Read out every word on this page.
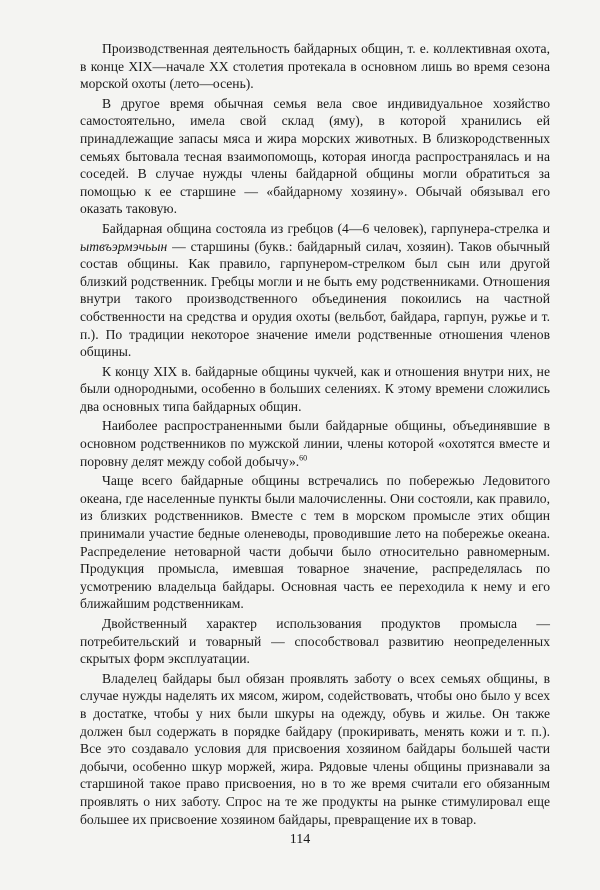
Производственная деятельность байдарных общин, т. е. коллективная охота, в конце XIX—начале XX столетия протекала в основном лишь во время сезона морской охоты (лето—осень).

В другое время обычная семья вела свое индивидуальное хозяйство самостоятельно, имела свой склад (яму), в которой хранились ей принадлежащие запасы мяса и жира морских животных. В близкородственных семьях бытовала тесная взаимопомощь, которая иногда распространялась и на соседей. В случае нужды члены байдарной общины могли обратиться за помощью к ее старшине — «байдарному хозяину». Обычай обязывал его оказать таковую.

Байдарная община состояла из гребцов (4—6 человек), гарпунера-стрелка и ытвъэрмэчьын — старшины (букв.: байдарный силач, хозяин). Таков обычный состав общины. Как правило, гарпунером-стрелком был сын или другой близкий родственник. Гребцы могли и не быть ему родственниками. Отношения внутри такого производственного объединения покоились на частной собственности на средства и орудия охоты (вельбот, байдара, гарпун, ружье и т. п.). По традиции некоторое значение имели родственные отношения членов общины.

К концу XIX в. байдарные общины чукчей, как и отношения внутри них, не были однородными, особенно в больших селениях. К этому времени сложились два основных типа байдарных общин.

Наиболее распространенными были байдарные общины, объединявшие в основном родственников по мужской линии, члены которой «охотятся вместе и поровну делят между собой добычу».$^{60}$

Чаще всего байдарные общины встречались по побережью Ледовитого океана, где населенные пункты были малочисленны. Они состояли, как правило, из близких родственников. Вместе с тем в морском промысле этих общин принимали участие бедные оленеводы, проводившие лето на побережье океана. Распределение нетоварной части добычи было относительно равномерным. Продукция промысла, имевшая товарное значение, распределялась по усмотрению владельца байдары. Основная часть ее переходила к нему и его ближайшим родственникам.

Двойственный характер использования продуктов промысла — потребительский и товарный — способствовал развитию неопределенных скрытых форм эксплуатации.

Владелец байдары был обязан проявлять заботу о всех семьях общины, в случае нужды наделять их мясом, жиром, содействовать, чтобы оно было у всех в достатке, чтобы у них были шкуры на одежду, обувь и жилье. Он также должен был содержать в порядке байдару (прокиривать, менять кожи и т. п.). Все это создавало условия для присвоения хозяином байдары большей части добычи, особенно шкур моржей, жира. Рядовые члены общины признавали за старшиной такое право присвоения, но в то же время считали его обязанным проявлять о них заботу. Спрос на те же продукты на рынке стимулировал еще большее их присвоение хозяином байдары, превращение их в товар.

114
